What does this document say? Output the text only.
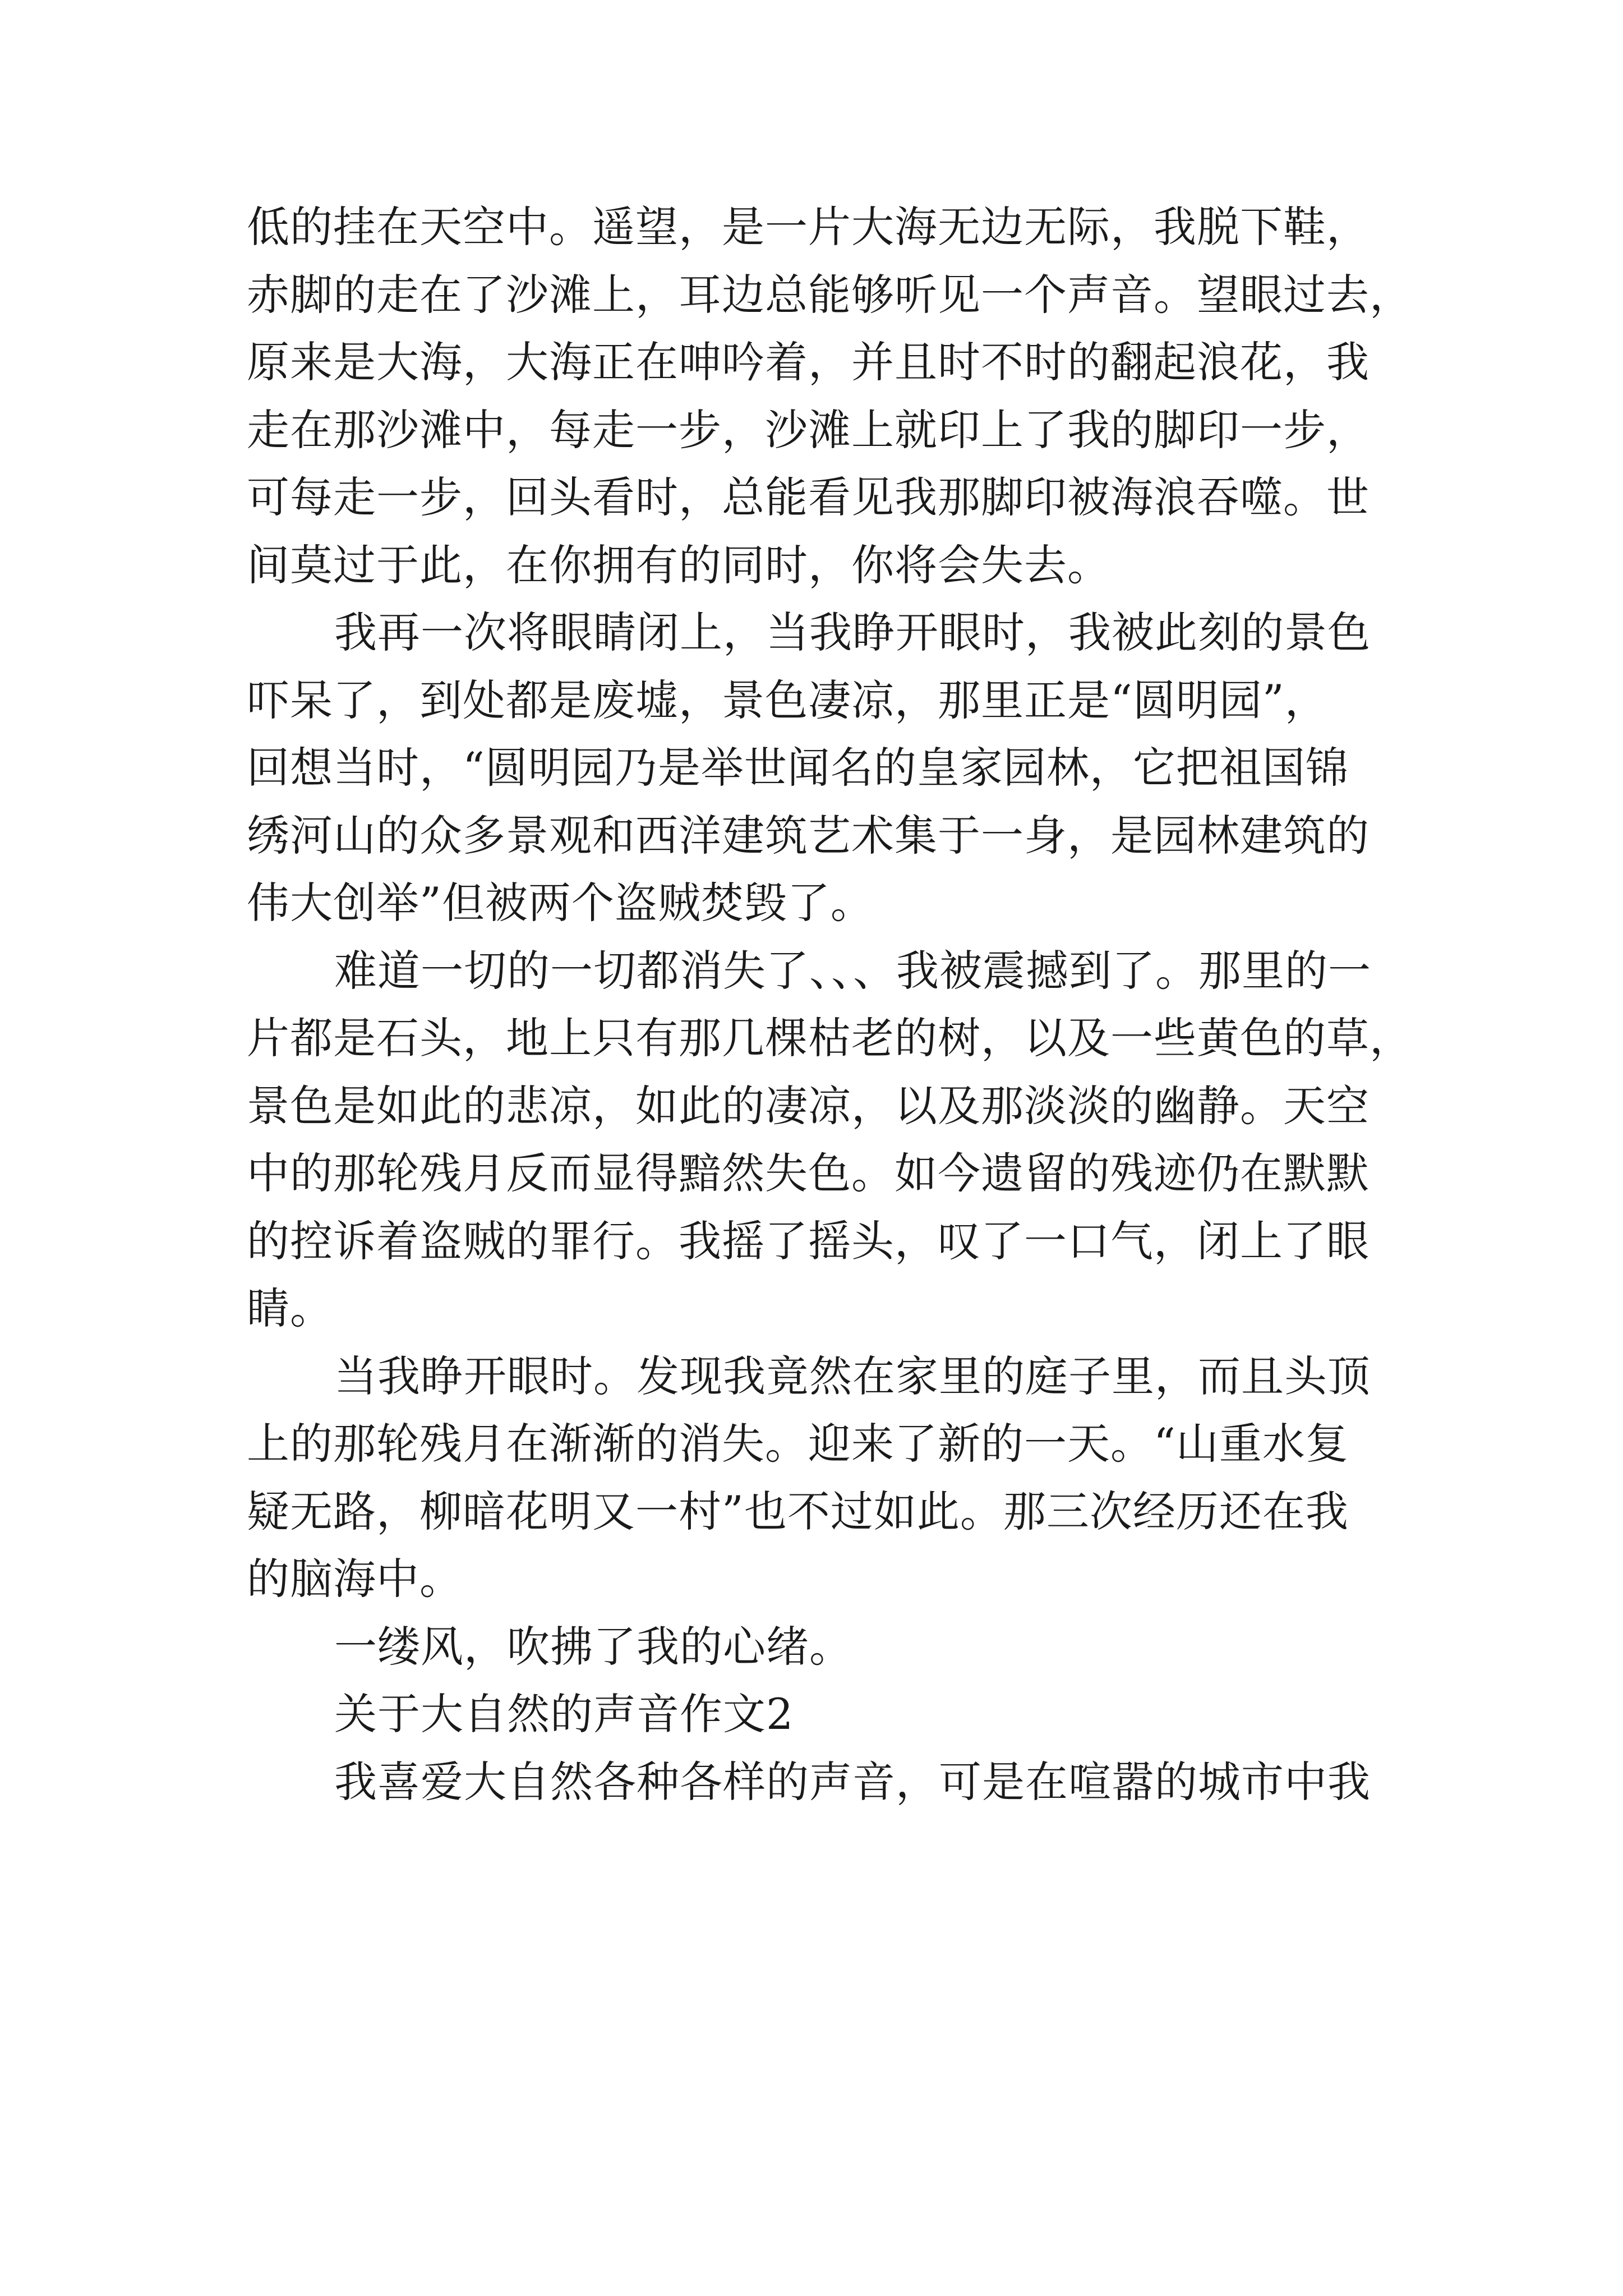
低的挂在天空中。遥望，是一片大海无边无际，我脱下鞋，
赤脚的走在了沙滩上，耳边总能够听见一个声音。望眼过去，
原来是大海，大海正在呻吟着，并且时不时的翻起浪花，我
走在那沙滩中，每走一步，沙滩上就印上了我的脚印一步，
可每走一步，回头看时，总能看见我那脚印被海浪吞噬。世
间莫过于此，在你拥有的同时，你将会失去。
我再一次将眼睛闭上，当我睁开眼时，我被此刻的景色
吓呆了，到处都是废墟，景色凄凉，那里正是“圆明园”，
回想当时，“圆明园乃是举世闻名的皇家园林，它把祖国锦
绣河山的众多景观和西洋建筑艺术集于一身，是园林建筑的
伟大创举”但被两个盗贼焚毁了。
难道一切的一切都消失了、、、我被震撼到了。那里的一
片都是石头，地上只有那几棵枯老的树，以及一些黄色的草，
景色是如此的悲凉，如此的凄凉，以及那淡淡的幽静。天空
中的那轮残月反而显得黯然失色。如今遗留的残迹仍在默默
的控诉着盗贼的罪行。我摇了摇头，叹了一口气，闭上了眼
睛。
当我睁开眼时。发现我竟然在家里的庭子里，而且头顶
上的那轮残月在渐渐的消失。迎来了新的一天。“山重水复
疑无路，柳暗花明又一村”也不过如此。那三次经历还在我
的脑海中。
一缕风，吹拂了我的心绪。
关于大自然的声音作文2
我喜爱大自然各种各样的声音，可是在喧嚣的城市中我
